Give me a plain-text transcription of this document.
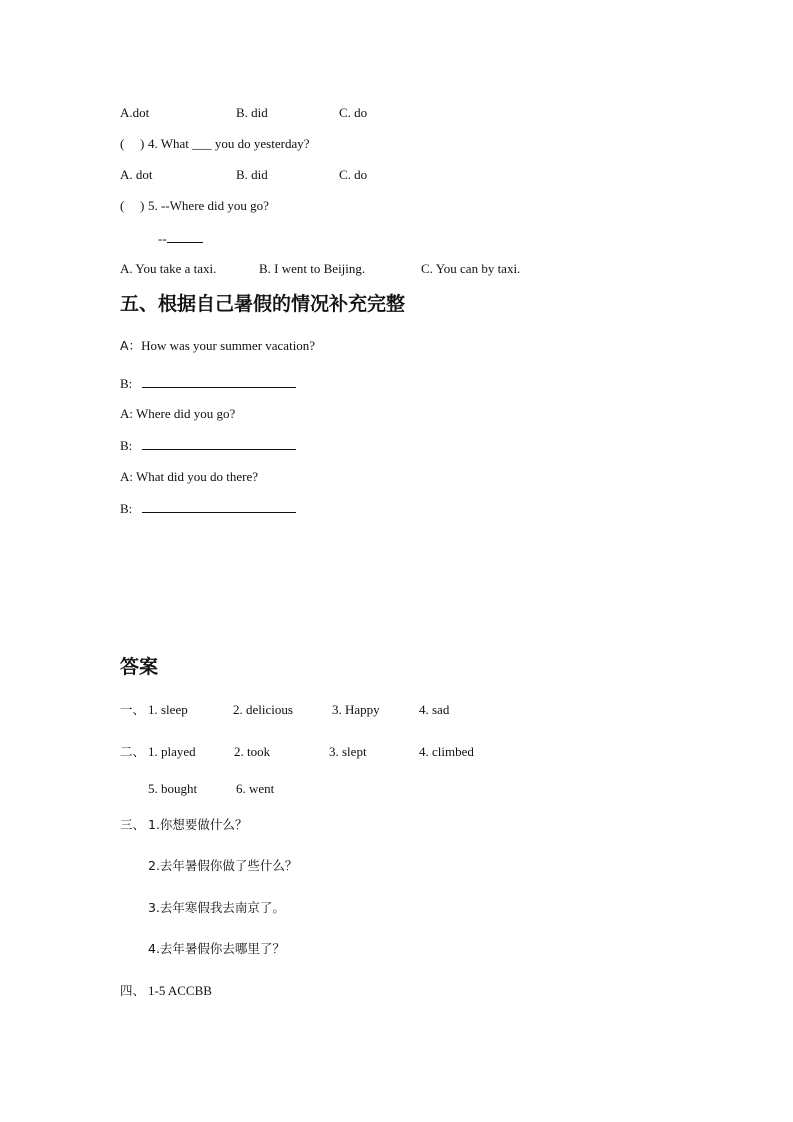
A.dot	B. did	C. do
( ) 4. What ___ you do yesterday?
A. dot	B. did	C. do
( ) 5. --Where did you go?
--
A. You take a taxi.	B. I went to Beijing.	C. You can by taxi.
五、根据自己暑假的情况补充完整
A：How was your summer vacation?
B:
A: Where did you go?
B:
A: What did you do there?
B:
答案
一、 1. sleep	2. delicious	3. Happy	4. sad
二、 1. played	2. took	3. slept	4. climbed
5. bought	6. went
三、 1.你想要做什么？
2.去年暑假你做了些什么？
3.去年寒假我去南京了。
4.去年暑假你去哪里了？
四、 1-5 ACCBB
